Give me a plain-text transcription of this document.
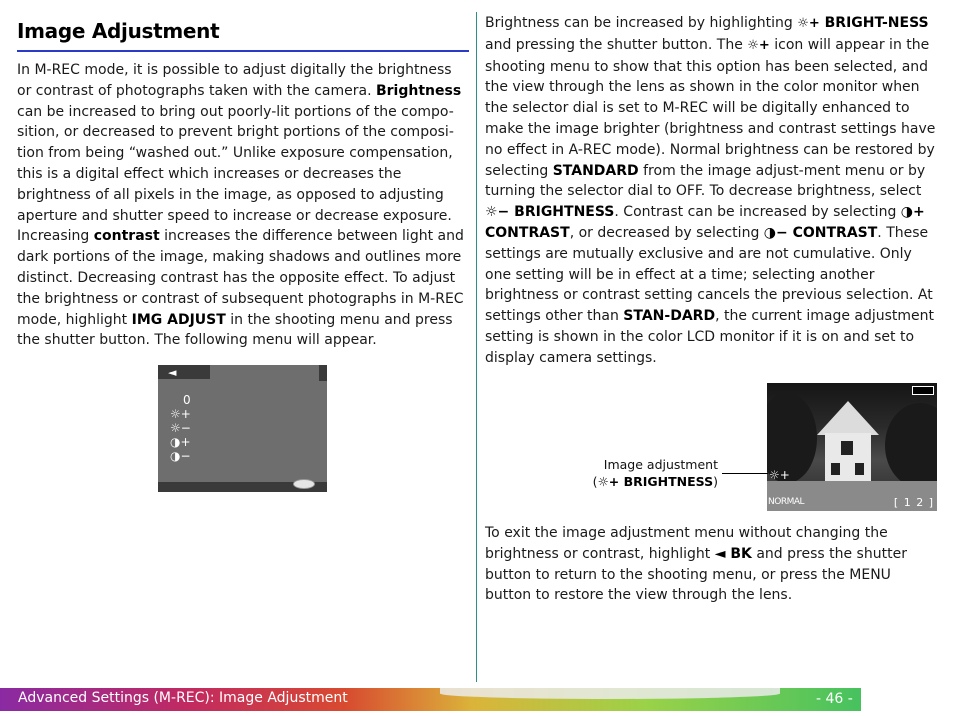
Image Adjustment

In M-REC mode, it is possible to adjust digitally the brightness or contrast of photographs taken with the camera. Brightness can be increased to bring out poorly-lit portions of the compo-sition, or decreased to prevent bright portions of the composi-tion from being “washed out.” Unlike exposure compensation, this is a digital effect which increases or decreases the brightness of all pixels in the image, as opposed to adjusting aperture and shutter speed to increase or decrease exposure. Increasing contrast increases the difference between light and dark portions of the image, making shadows and outlines more distinct. Decreasing contrast has the opposite effect. To adjust the brightness or contrast of subsequent photographs in M-REC mode, highlight IMG ADJUST in the shooting menu and press the shutter button. The following menu will appear.

◄
0
☼+
☼−
◑+
◑−

Brightness can be increased by highlighting ☼+ BRIGHT-NESS and pressing the shutter button. The ☼+ icon will appear in the shooting menu to show that this option has been selected, and the view through the lens as shown in the color monitor when the selector dial is set to M-REC will be digitally enhanced to make the image brighter (brightness and contrast settings have no effect in A-REC mode). Normal brightness can be restored by selecting STANDARD from the image adjust-ment menu or by turning the selector dial to OFF. To decrease brightness, select ☼− BRIGHTNESS. Contrast can be increased by selecting ◑+ CONTRAST, or decreased by selecting ◑− CONTRAST. These settings are mutually exclusive and are not cumulative. Only one setting will be in effect at a time; selecting another brightness or contrast setting cancels the previous selection. At settings other than STAN-DARD, the current image adjustment setting is shown in the color LCD monitor if it is on and set to display camera settings.

☼+
NORMAL	[ 1 2 ]
Image adjustment
(☼+ BRIGHTNESS)

To exit the image adjustment menu without changing the brightness or contrast, highlight ◄ BK and press the shutter button to return to the shooting menu, or press the MENU button to restore the view through the lens.

Advanced Settings (M-REC): Image Adjustment	- 46 -
